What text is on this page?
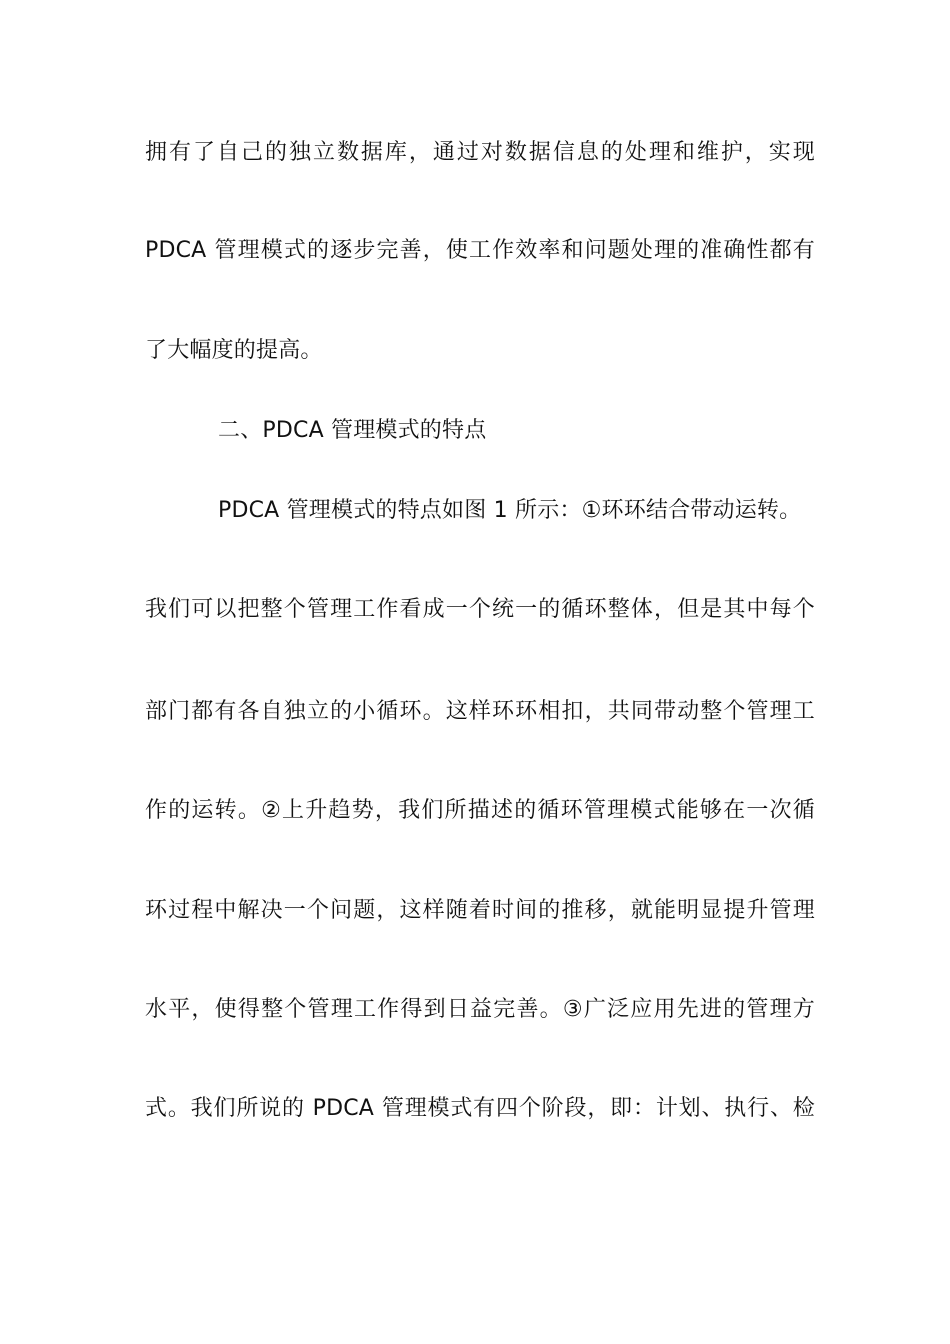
拥有了自己的独立数据库，通过对数据信息的处理和维护，实现
PDCA 管理模式的逐步完善，使工作效率和问题处理的准确性都有
了大幅度的提高。
二、PDCA 管理模式的特点
PDCA 管理模式的特点如图 1 所示：①环环结合带动运转。
我们可以把整个管理工作看成一个统一的循环整体，但是其中每个
部门都有各自独立的小循环。这样环环相扣，共同带动整个管理工
作的运转。②上升趋势，我们所描述的循环管理模式能够在一次循
环过程中解决一个问题，这样随着时间的推移，就能明显提升管理
水平，使得整个管理工作得到日益完善。③广泛应用先进的管理方
式。我们所说的 PDCA 管理模式有四个阶段，即：计划、执行、检
